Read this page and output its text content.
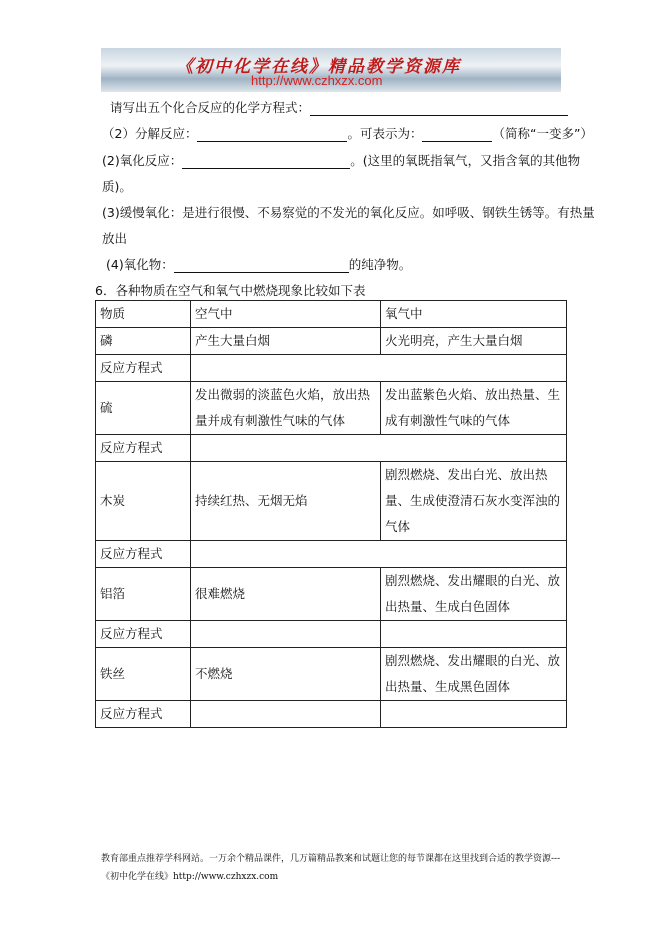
《初中化学在线》精品教学资源库
http://www.czhxzx.com
请写出五个化合反应的化学方程式：
（2）分解反应：	。可表示为：	（简称“一变多”）
(2)氧化反应：	。(这里的氧既指氧气，又指含氧的其他物
质)。
(3)缓慢氧化：是进行很慢、不易察觉的不发光的氧化反应。如呼吸、钢铁生锈等。有热量
放出
(4)氧化物：	的纯净物。
6．各种物质在空气和氧气中燃烧现象比较如下表
物质	空气中	氧气中
磷	产生大量白烟	火光明亮，产生大量白烟
反应方程式		
硫	发出微弱的淡蓝色火焰，放出热量并成有刺激性气味的气体	发出蓝紫色火焰、放出热量、生成有刺激性气味的气体
反应方程式		
木炭	持续红热、无烟无焰	剧烈燃烧、发出白光、放出热量、生成使澄清石灰水变浑浊的气体
反应方程式		
铝箔	很难燃烧	剧烈燃烧、发出耀眼的白光、放出热量、生成白色固体
反应方程式		
铁丝	不燃烧	剧烈燃烧、发出耀眼的白光、放出热量、生成黑色固体
反应方程式		
教育部重点推荐学科网站。一万余个精品课件，几万篇精品教案和试题让您的每节课都在这里找到合适的教学资源---《初中化学在线》http://www.czhxzx.com
